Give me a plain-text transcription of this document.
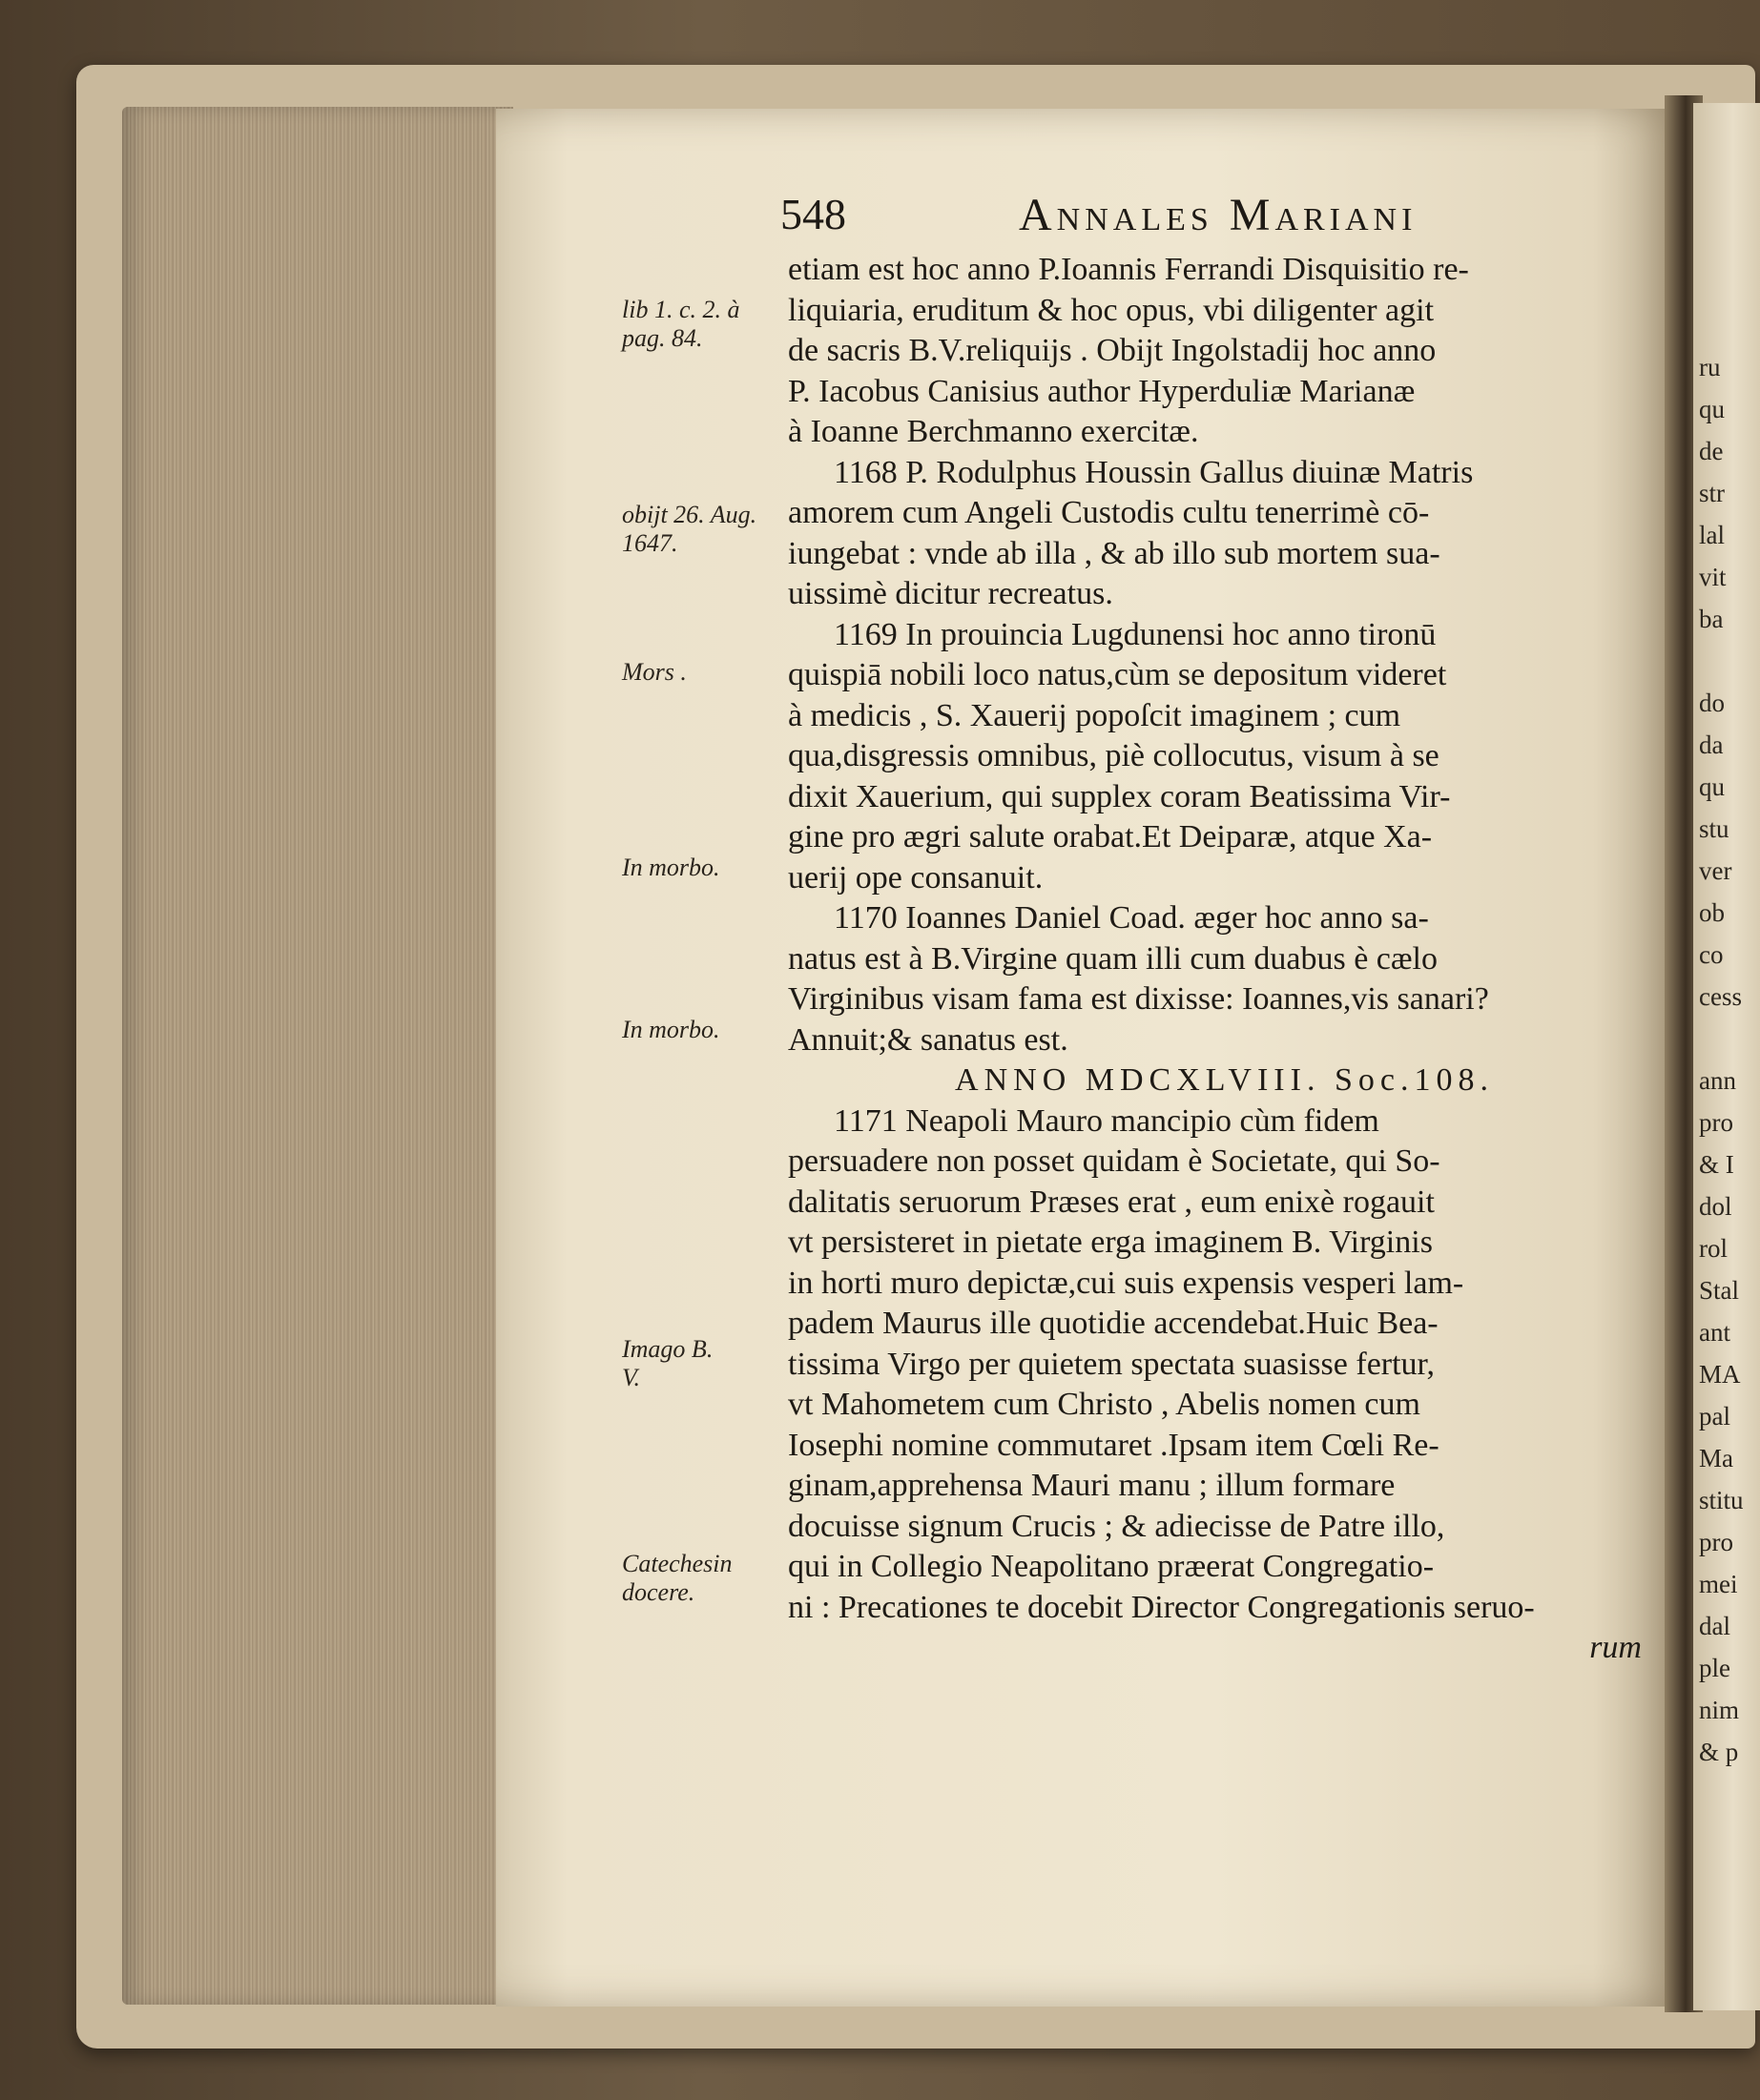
ru
qu
de
str
lal
vit
ba
do
da
qu
stu
ver
ob
co
cess
ann
pro
& I
dol
rol
Stal
ant
MA
pal
Ma
stitu
pro
mei
dal
ple
nim
& p
548	Annales Mariani

etiam est hoc anno P.Ioannis Ferrandi Disquisitio re-

liquiaria, eruditum & hoc opus, vbi diligenter agit

de sacris B.V.reliquijs . Obijt Ingolstadij hoc anno

P. Iacobus Canisius author Hyperduliæ Marianæ

à Ioanne Berchmanno exercitæ.

1168 P. Rodulphus Houssin Gallus diuinæ Matris

amorem cum Angeli Custodis cultu tenerrimè cō-

iungebat : vnde ab illa , & ab illo sub mortem sua-

uissimè dicitur recreatus.

1169 In prouincia Lugdunensi hoc anno tironū

quispiā nobili loco natus,cùm se depositum videret

à medicis , S. Xauerij popoſcit imaginem ; cum

qua,disgressis omnibus, piè collocutus, visum à se

dixit Xauerium, qui supplex coram Beatissima Vir-

gine pro ægri salute orabat.Et Deiparæ, atque Xa-

uerij ope consanuit.

1170 Ioannes Daniel Coad. æger hoc anno sa-

natus est à B.Virgine quam illi cum duabus è cælo

Virginibus visam fama est dixisse: Ioannes,vis sanari?

Annuit;& sanatus est.

ANNO MDCXLVIII. Soc.108.

1171 Neapoli Mauro mancipio cùm fidem

persuadere non posset quidam è Societate, qui So-

dalitatis seruorum Præses erat , eum enixè rogauit

vt persisteret in pietate erga imaginem B. Virginis

in horti muro depictæ,cui suis expensis vesperi lam-

padem Maurus ille quotidie accendebat.Huic Bea-

tissima Virgo per quietem spectata suasisse fertur,

vt Mahometem cum Christo , Abelis nomen cum

Iosephi nomine commutaret .Ipsam item Cœli Re-

ginam,apprehensa Mauri manu ; illum formare

docuisse signum Crucis ; & adiecisse de Patre illo,

qui in Collegio Neapolitano præerat Congregatio-

ni : Precationes te docebit Director Congregationis seruo-

rum

lib 1. c. 2. à pag. 84.
obijt 26. Aug. 1647.
Mors .
In morbo.
In morbo.
Imago B. V.
Catechesin docere.
